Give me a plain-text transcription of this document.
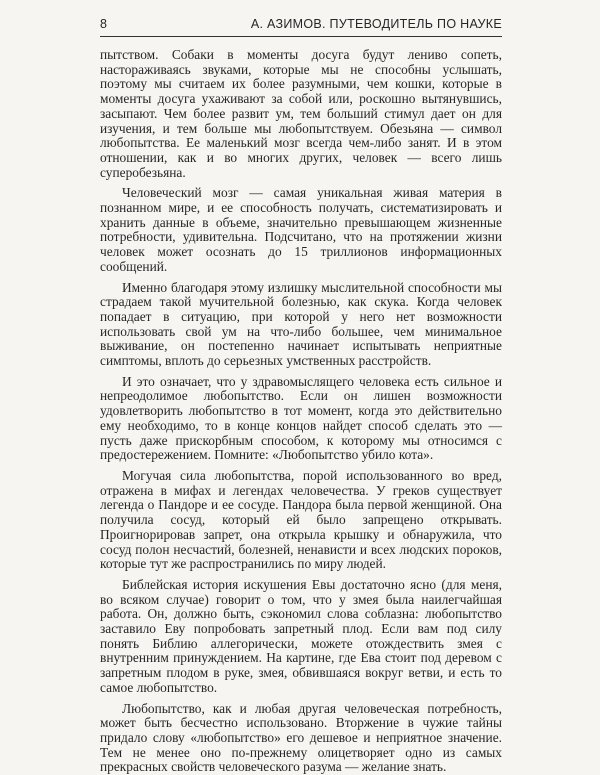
8	А. АЗИМОВ. ПУТЕВОДИТЕЛЬ ПО НАУКЕ

пытством. Собаки в моменты досуга будут лениво сопеть, настораживаясь звуками, которые мы не способны услышать, поэтому мы считаем их более разумными, чем кошки, которые в моменты досуга ухаживают за собой или, роскошно вытянувшись, засыпают. Чем более развит ум, тем больший стимул дает он для изучения, и тем больше мы любопытствуем. Обезьяна — символ любопытства. Ее маленький мозг всегда чем-либо занят. И в этом отношении, как и во многих других, человек — всего лишь суперобезьяна.

Человеческий мозг — самая уникальная живая материя в познанном мире, и ее способность получать, систематизировать и хранить данные в объеме, значительно превышающем жизненные потребности, удивительна. Подсчитано, что на протяжении жизни человек может осознать до 15 триллионов информационных сообщений.

Именно благодаря этому излишку мыслительной способности мы страдаем такой мучительной болезнью, как скука. Когда человек попадает в ситуацию, при которой у него нет возможности использовать свой ум на что-либо большее, чем минимальное выживание, он постепенно начинает испытывать неприятные симптомы, вплоть до серьезных умственных расстройств.

И это означает, что у здравомыслящего человека есть сильное и непреодолимое любопытство. Если он лишен возможности удовлетворить любопытство в тот момент, когда это действительно ему необходимо, то в конце концов найдет способ сделать это — пусть даже прискорбным способом, к которому мы относимся с предостережением. Помните: «Любопытство убило кота».

Могучая сила любопытства, порой использованного во вред, отражена в мифах и легендах человечества. У греков существует легенда о Пандоре и ее сосуде. Пандора была первой женщиной. Она получила сосуд, который ей было запрещено открывать. Проигнорировав запрет, она открыла крышку и обнаружила, что сосуд полон несчастий, болезней, ненависти и всех людских пороков, которые тут же распространились по миру людей.

Библейская история искушения Евы достаточно ясно (для меня, во всяком случае) говорит о том, что у змея была наилегчайшая работа. Он, должно быть, сэкономил слова соблазна: любопытство заставило Еву попробовать запретный плод. Если вам под силу понять Библию аллегорически, можете отождествить змея с внутренним принуждением. На картине, где Ева стоит под деревом с запретным плодом в руке, змея, обвившаяся вокруг ветви, и есть то самое любопытство.

Любопытство, как и любая другая человеческая потребность, может быть бесчестно использовано. Вторжение в чужие тайны придало слову «любопытство» его дешевое и неприятное значение. Тем не менее оно по-прежнему олицетворяет одно из самых прекрасных свойств человеческого разума — желание знать.
